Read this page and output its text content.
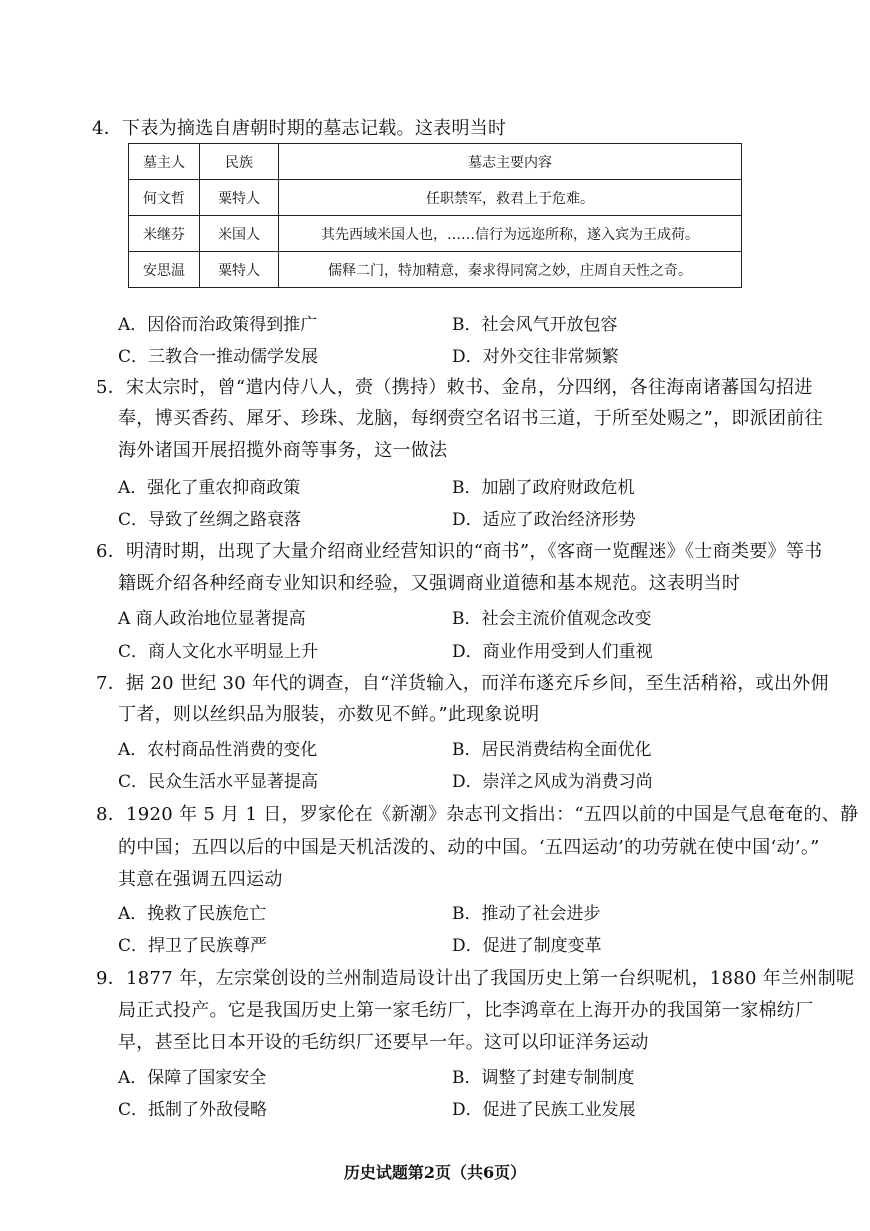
4．下表为摘选自唐朝时期的墓志记载。这表明当时
墓主人	民族	墓志主要内容
何文哲	粟特人	任职禁军，救君上于危难。
米继芬	米国人	其先西域米国人也，……信行为远迩所称，遂入宾为王成荷。
安思温	粟特人	儒释二门，特加精意，秦求得同窝之妙，庄周自天性之奇。
A．因俗而治政策得到推广	B．社会风气开放包容
C．三教合一推动儒学发展	D．对外交往非常频繁
5．宋太宗时，曾“遣内侍八人，赍（携持）敕书、金帛，分四纲，各往海南诸蕃国勾招进
奉，博买香药、犀牙、珍珠、龙脑，每纲赍空名诏书三道，于所至处赐之”，即派团前往
海外诸国开展招揽外商等事务，这一做法
A．强化了重农抑商政策	B．加剧了政府财政危机
C．导致了丝绸之路衰落	D．适应了政治经济形势
6．明清时期，出现了大量介绍商业经营知识的“商书”，《客商一览醒迷》《士商类要》等书
籍既介绍各种经商专业知识和经验，又强调商业道德和基本规范。这表明当时
A 商人政治地位显著提高	B．社会主流价值观念改变
C．商人文化水平明显上升	D．商业作用受到人们重视
7．据 20 世纪 30 年代的调查，自“洋货输入，而洋布遂充斥乡间，至生活稍裕，或出外佣
丁者，则以丝织品为服装，亦数见不鲜。”此现象说明
A．农村商品性消费的变化	B．居民消费结构全面优化
C．民众生活水平显著提高	D．崇洋之风成为消费习尚
8．1920 年 5 月 1 日，罗家伦在《新潮》杂志刊文指出：“五四以前的中国是气息奄奄的、静
的中国；五四以后的中国是天机活泼的、动的中国。‘五四运动’的功劳就在使中国‘动’。”
其意在强调五四运动
A．挽救了民族危亡	B．推动了社会进步
C．捍卫了民族尊严	D．促进了制度变革
9．1877 年，左宗棠创设的兰州制造局设计出了我国历史上第一台织呢机，1880 年兰州制呢
局正式投产。它是我国历史上第一家毛纺厂，比李鸿章在上海开办的我国第一家棉纺厂
早，甚至比日本开设的毛纺织厂还要早一年。这可以印证洋务运动
A．保障了国家安全	B．调整了封建专制制度
C．抵制了外敌侵略	D．促进了民族工业发展
历史试题第2页（共6页）
